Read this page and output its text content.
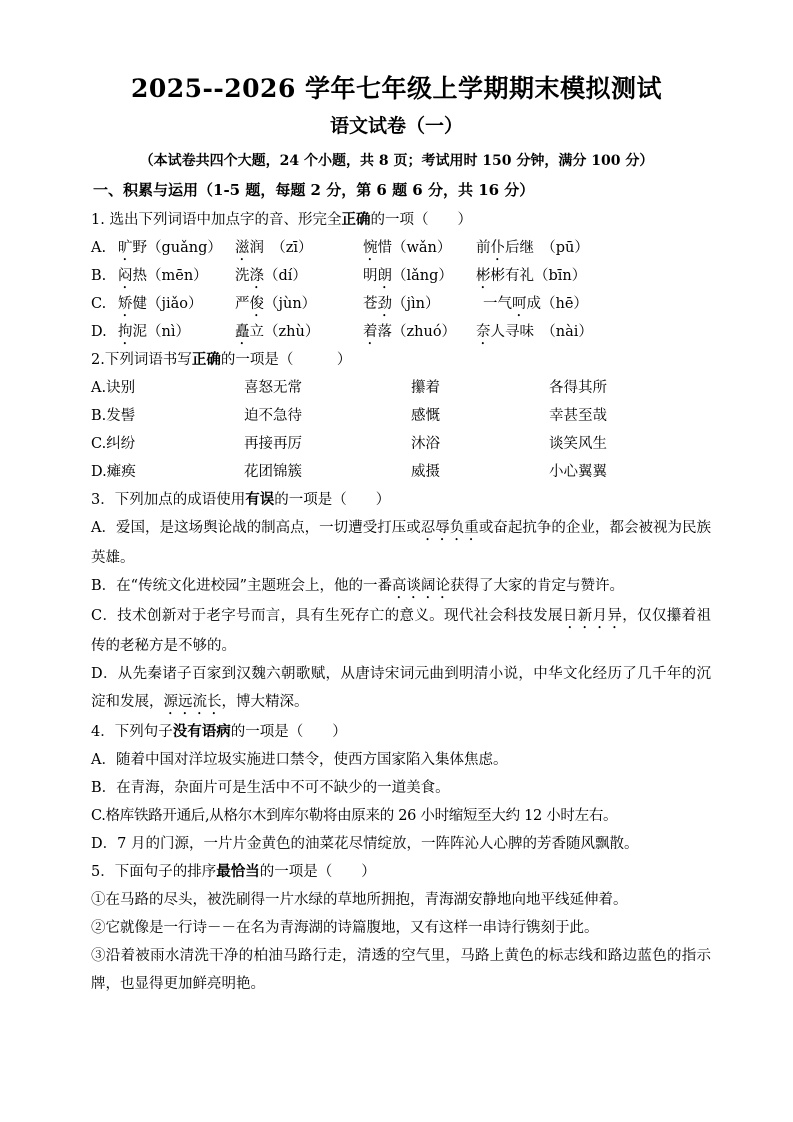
2025--2026 学年七年级上学期期末模拟测试
语文试卷（一）
（本试卷共四个大题，24 个小题，共 8 页；考试用时 150 分钟，满分 100 分）
一、积累与运用（1-5 题，每题 2 分，第 6 题 6 分，共 16 分）
1. 选出下列词语中加点字的音、形完全正确的一项（　　）
A. 旷野（guǎng） 滋润　（zī）	惋惜（wǎn） 前仆后继　（pū）
B. 闷热（mēn） 洗涤（dí）	明朗（lǎng） 彬彬有礼（bīn）
C. 矫健（jiǎo） 严俊（jùn）	苍劲（jìn）	一气呵成（hē）
D. 拘泥（nì）	矗立（zhù）	着落（zhuó） 奈人寻味　（nài）
2.下列词语书写正确的一项是（　　　）
A.诀别	喜怒无常	攥着	各得其所
B.发髻	迫不急待	感慨	幸甚至哉
C.纠纷	再接再厉	沐浴	谈笑风生
D.瘫痪	花团锦簇	威摄	小心翼翼
3．下列加点的成语使用有误的一项是（　　）
A．爱国，是这场舆论战的制高点，一切遭受打压或忍辱负重或奋起抗争的企业，都会被视为民族英雄。
B．在“传统文化进校园”主题班会上，他的一番高谈阔论获得了大家的肯定与赞许。
C．技术创新对于老字号而言，具有生死存亡的意义。现代社会科技发展日新月异，仅仅攥着祖传的老秘方是不够的。
D．从先秦诸子百家到汉魏六朝歌赋，从唐诗宋词元曲到明清小说，中华文化经历了几千年的沉淀和发展，源远流长，博大精深。
4．下列句子没有语病的一项是（　　）
A．随着中国对洋垃圾实施进口禁令，使西方国家陷入集体焦虑。
B．在青海，杂面片可是生活中不可不缺少的一道美食。
C.格库铁路开通后,从格尔木到库尔勒将由原来的 26 小时缩短至大约 12 小时左右。
D．7 月的门源，一片片金黄色的油菜花尽情绽放，一阵阵沁人心脾的芳香随风飘散。
5．下面句子的排序最恰当的一项是（　　）
①在马路的尽头，被洗刷得一片水绿的草地所拥抱，青海湖安静地向地平线延伸着。
②它就像是一行诗－－在名为青海湖的诗篇腹地，又有这样一串诗行镌刻于此。
③沿着被雨水清洗干净的柏油马路行走，清透的空气里，马路上黄色的标志线和路边蓝色的指示牌，也显得更加鲜亮明艳。
